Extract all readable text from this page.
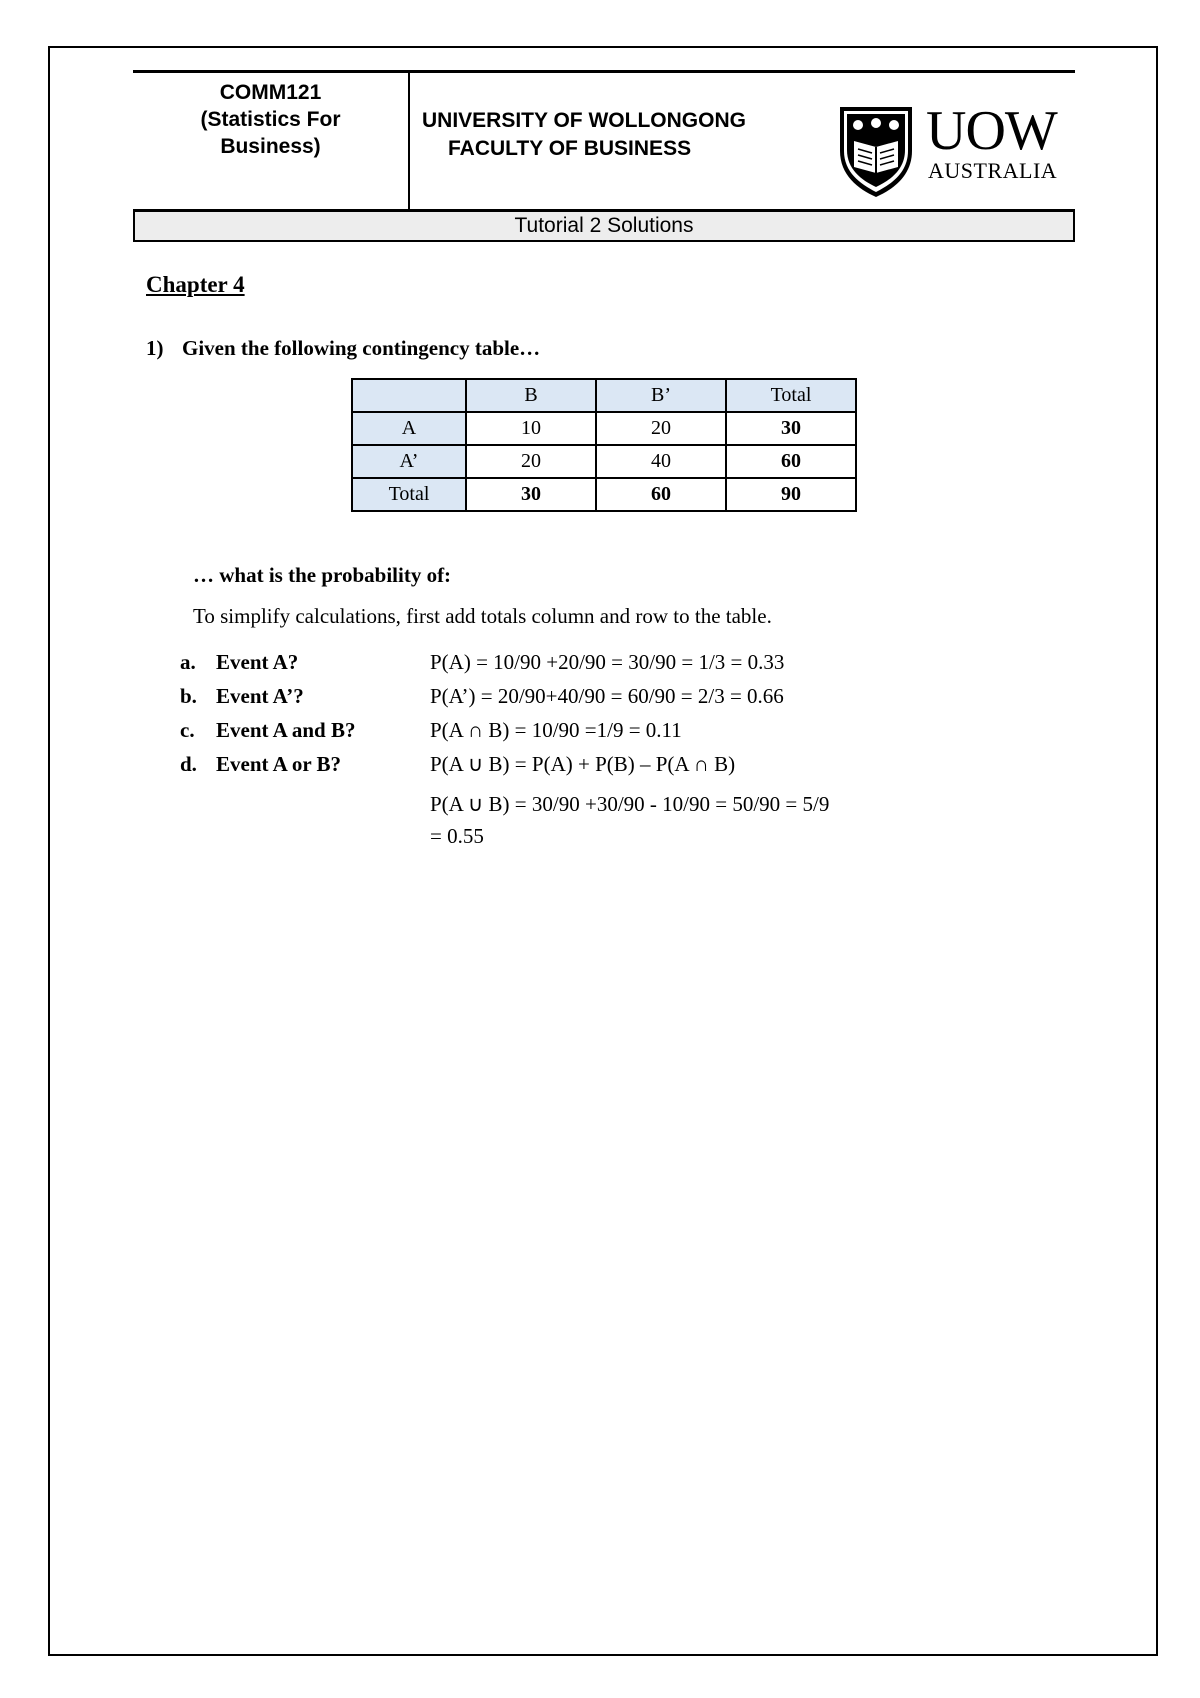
COMM121
(Statistics For
Business)
UNIVERSITY OF WOLLONGONG
FACULTY OF BUSINESS	UOW
AUSTRALIA
Tutorial 2 Solutions
Chapter 4
1) Given the following contingency table…
	B	B’	Total
A	10	20	30
A’	20	40	60
Total	30	60	90
… what is the probability of:
To simplify calculations, first add totals column and row to the table.
a. Event A?	P(A) = 10/90 +20/90 = 30/90 = 1/3 = 0.33
b. Event A’?	P(A’) = 20/90+40/90 = 60/90 = 2/3 = 0.66
c. Event A and B?	P(A ∩ B) = 10/90 =1/9 = 0.11
d. Event A or B?	P(A ∪ B) = P(A) + P(B) – P(A ∩ B)
P(A ∪ B) = 30/90 +30/90 - 10/90 = 50/90 = 5/9
= 0.55
